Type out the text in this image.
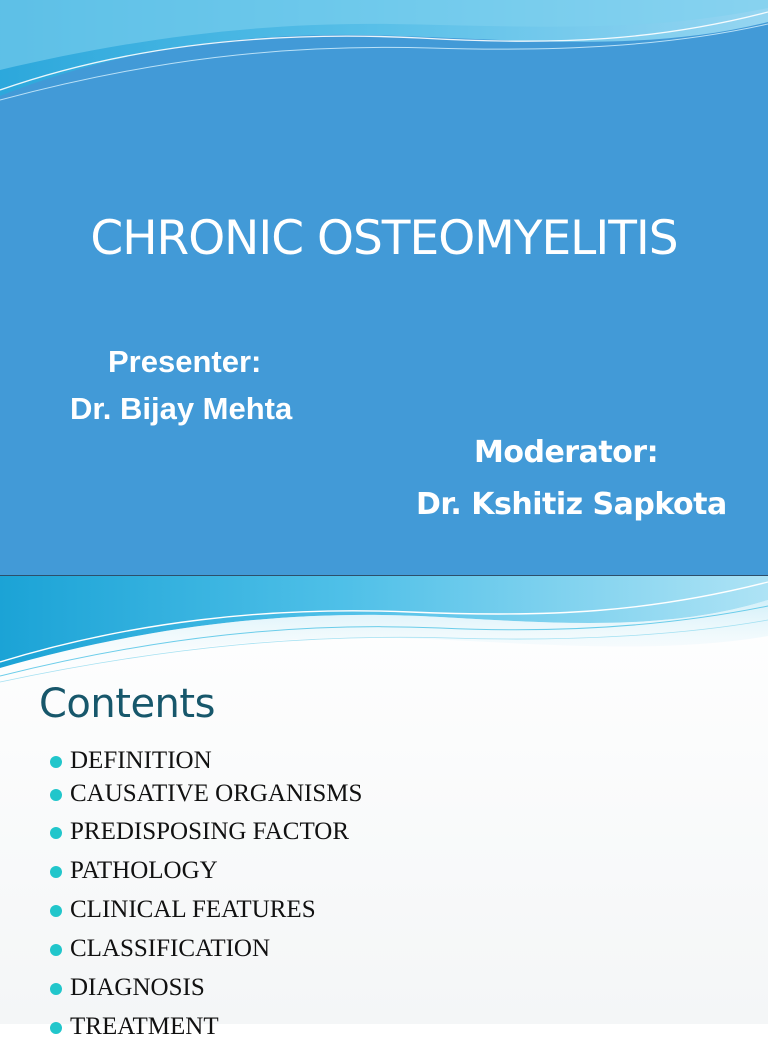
CHRONIC OSTEOMYELITIS
Presenter:
Dr. Bijay Mehta
Moderator:
Dr. Kshitiz Sapkota
Contents
DEFINITION
CAUSATIVE ORGANISMS
PREDISPOSING FACTOR
PATHOLOGY
CLINICAL FEATURES
CLASSIFICATION
DIAGNOSIS
TREATMENT
